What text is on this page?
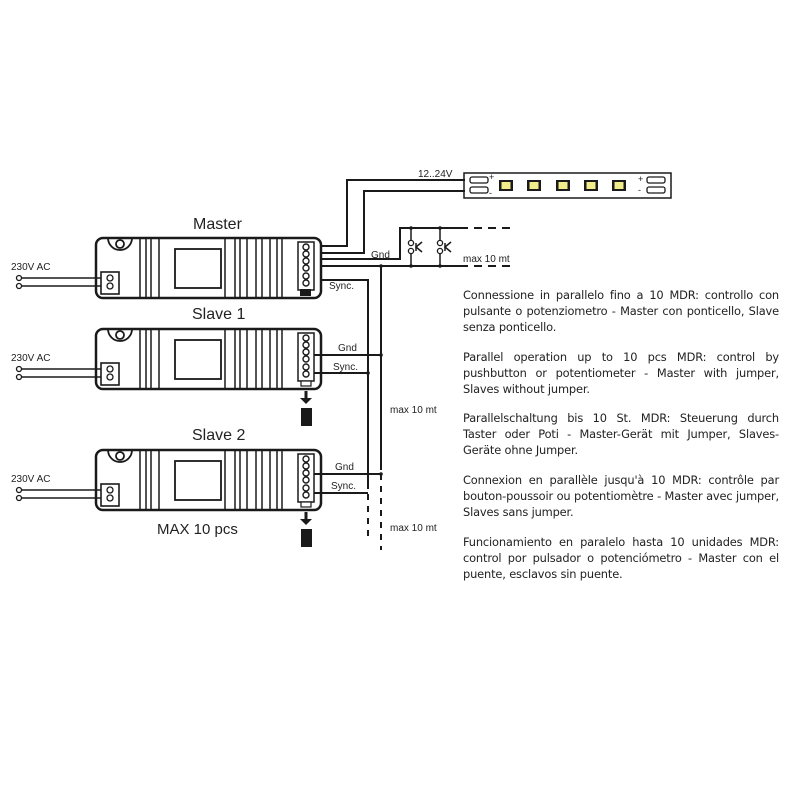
12..24V	+
-
+
-
max 10 mt
Gnd
Sync.
Master
230V AC
Slave 1
230V AC
Gnd
Sync.
Slave 2
230V AC
Gnd
Sync.
MAX 10 pcs
max 10 mt
max 10 mt
Connessione in parallelo fino a 10 MDR: controllo con pulsante o potenziometro - Master con ponticello, Slave senza ponticello.
Parallel operation up to 10 pcs MDR: control by pushbutton or potentiometer - Master with jumper, Slaves without jumper.
Parallelschaltung bis 10 St. MDR: Steuerung durch Taster oder Poti - Master-Gerät mit Jumper, Slaves-Geräte ohne Jumper.
Connexion en parallèle jusqu'à 10 MDR: contrôle par bouton-poussoir ou potentiomètre - Master avec jumper, Slaves sans jumper.
Funcionamiento en paralelo hasta 10 unidades MDR: control por pulsador o potenciómetro - Master con el puente, esclavos sin puente.
